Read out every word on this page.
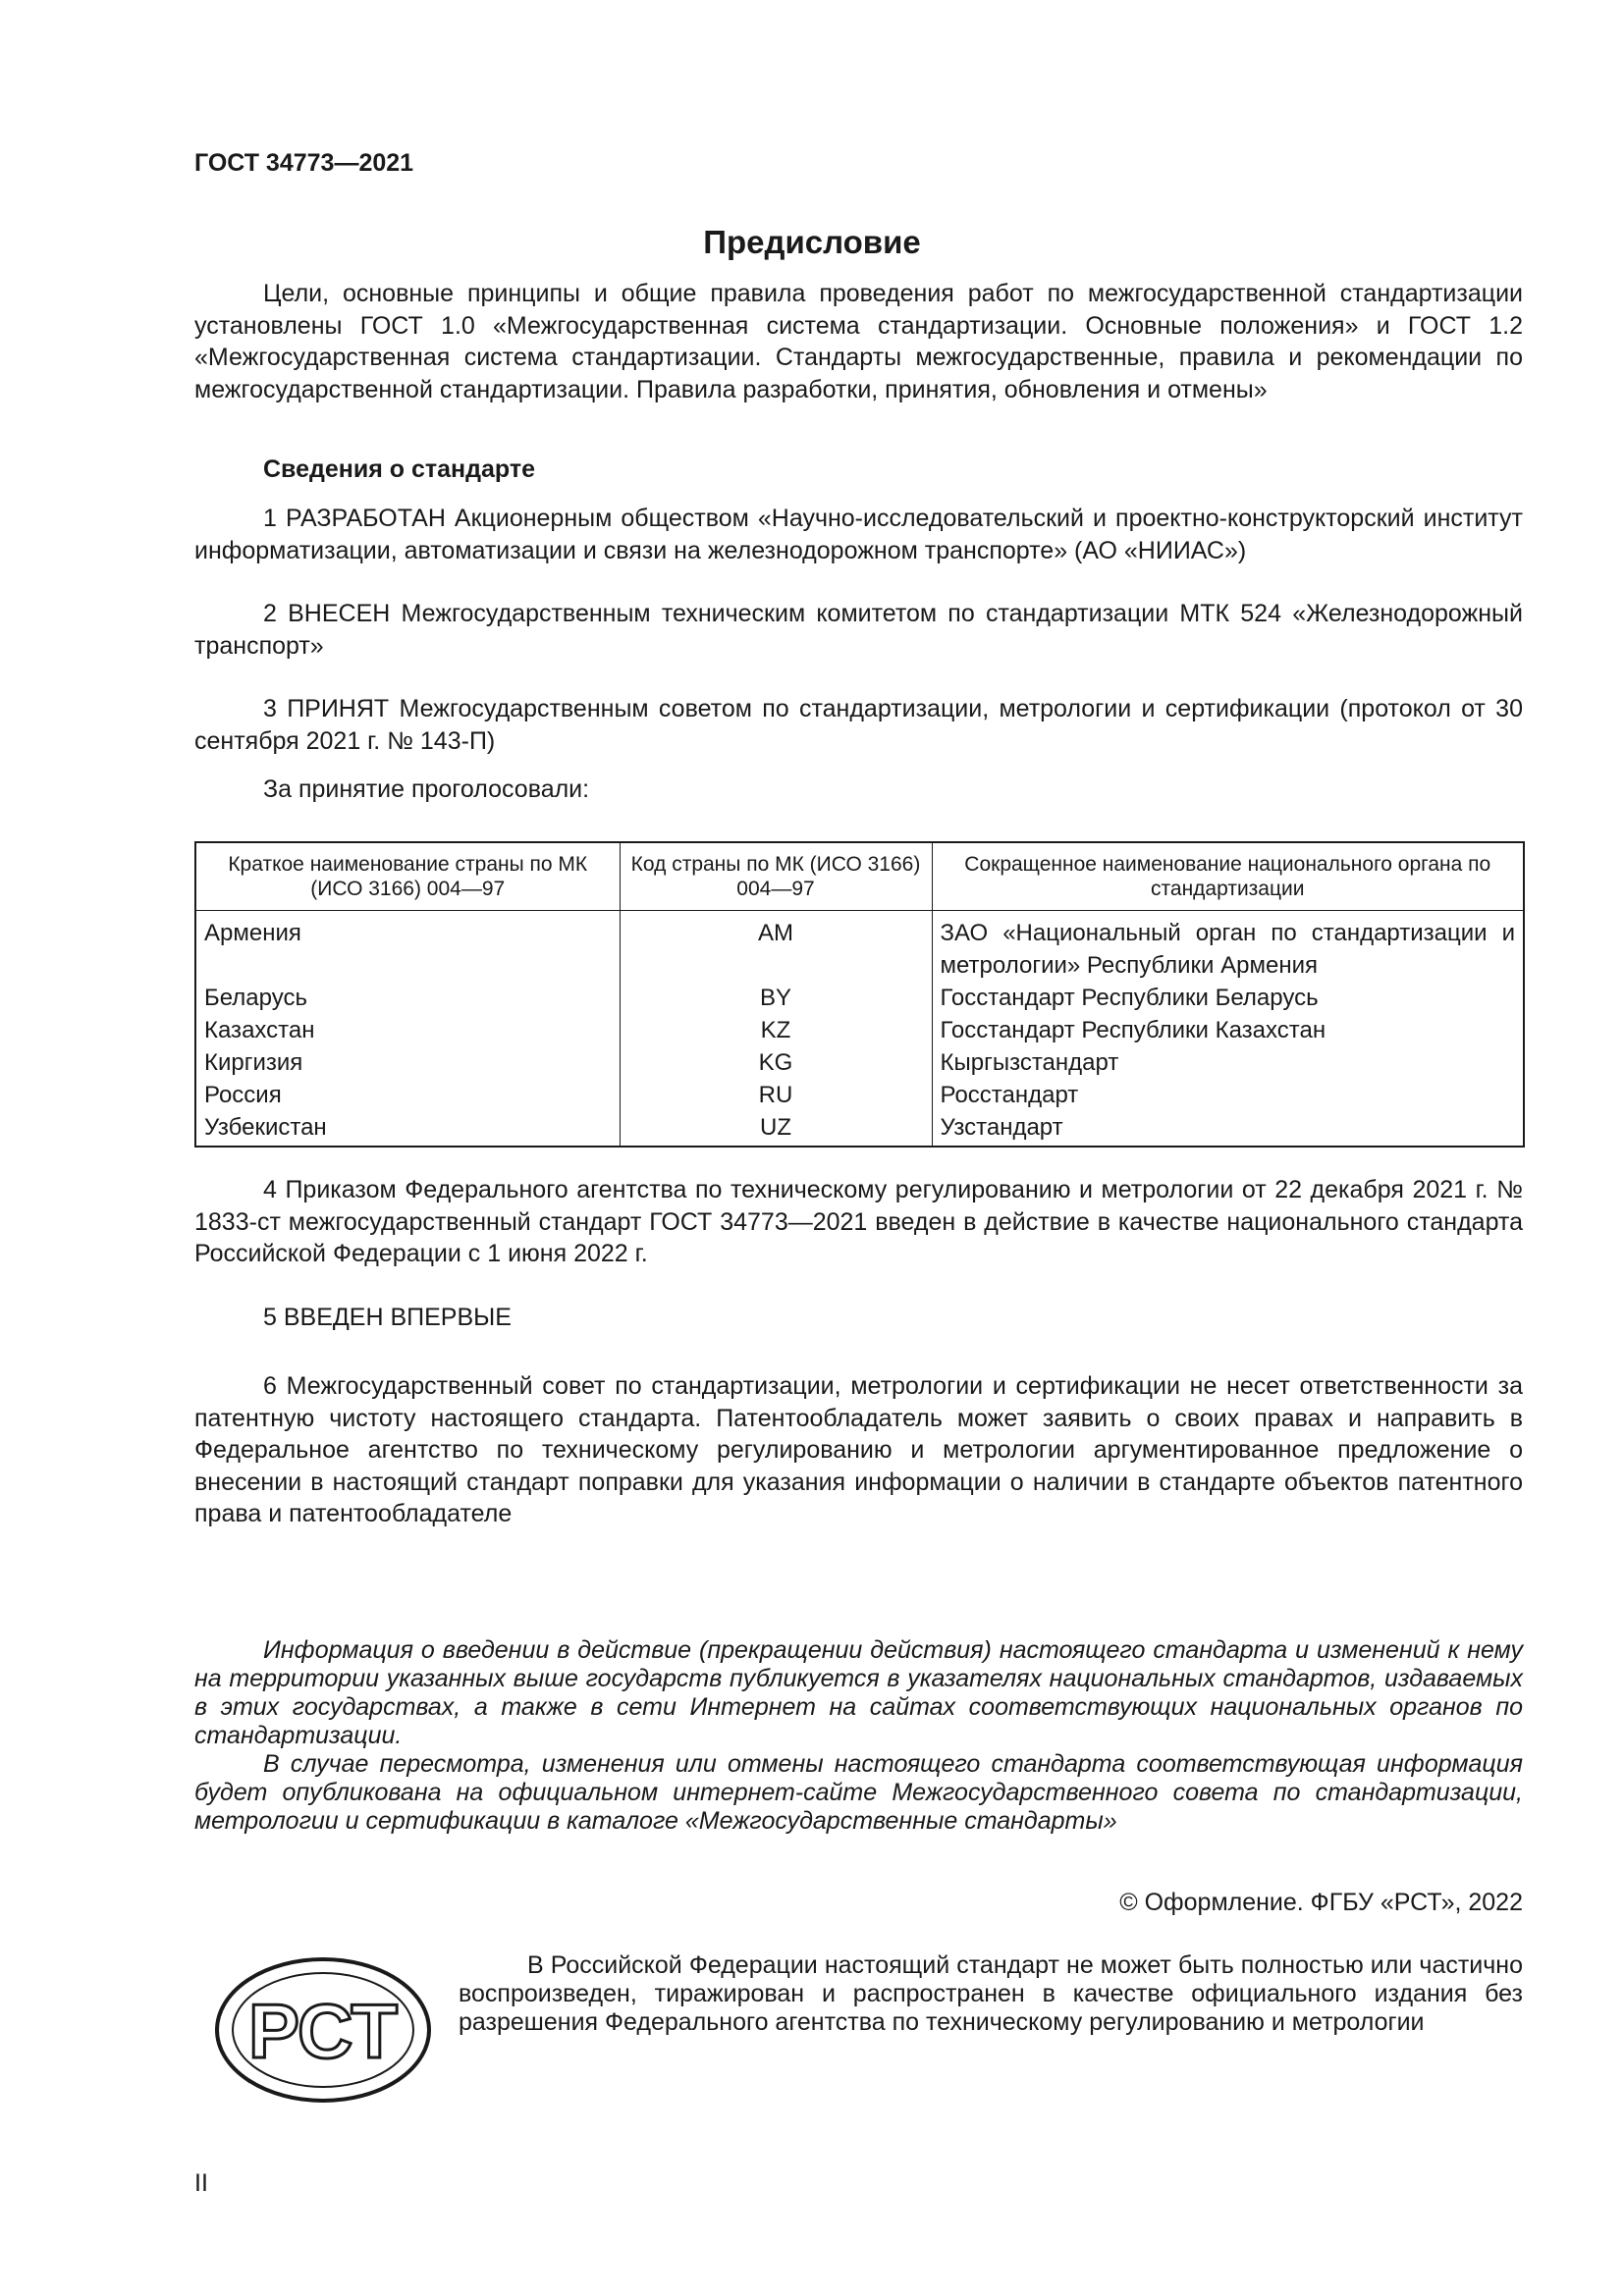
ГОСТ 34773—2021
Предисловие

Цели, основные принципы и общие правила проведения работ по межгосударственной стандартизации установлены ГОСТ 1.0 «Межгосударственная система стандартизации. Основные положения» и ГОСТ 1.2 «Межгосударственная система стандартизации. Стандарты межгосударственные, правила и рекомендации по межгосударственной стандартизации. Правила разработки, принятия, обновления и отмены»

Сведения о стандарте

1 РАЗРАБОТАН Акционерным обществом «Научно-исследовательский и проектно-конструкторский институт информатизации, автоматизации и связи на железнодорожном транспорте» (АО «НИИАС»)

2 ВНЕСЕН Межгосударственным техническим комитетом по стандартизации МТК 524 «Железнодорожный транспорт»

3 ПРИНЯТ Межгосударственным советом по стандартизации, метрологии и сертификации (протокол от 30 сентября 2021 г. № 143-П)

За принятие проголосовали:
Краткое наименование страны по МК (ИСО 3166) 004—97	Код страны по МК (ИСО 3166) 004—97	Сокращенное наименование национального органа по стандартизации
Армения	AM	ЗАО «Национальный орган по стандартизации и метрологии» Республики Армения
Беларусь	BY	Госстандарт Республики Беларусь
Казахстан	KZ	Госстандарт Республики Казахстан
Киргизия	KG	Кыргызстандарт
Россия	RU	Росстандарт
Узбекистан	UZ	Узстандарт

4 Приказом Федерального агентства по техническому регулированию и метрологии от 22 декабря 2021 г. № 1833-ст межгосударственный стандарт ГОСТ 34773—2021 введен в действие в качестве национального стандарта Российской Федерации с 1 июня 2022 г.

5 ВВЕДЕН ВПЕРВЫЕ

6 Межгосударственный совет по стандартизации, метрологии и сертификации не несет ответственности за патентную чистоту настоящего стандарта. Патентообладатель может заявить о своих правах и направить в Федеральное агентство по техническому регулированию и метрологии аргументированное предложение о внесении в настоящий стандарт поправки для указания информации о наличии в стандарте объектов патентного права и патентообладателе

Информация о введении в действие (прекращении действия) настоящего стандарта и изменений к нему на территории указанных выше государств публикуется в указателях национальных стандартов, издаваемых в этих государствах, а также в сети Интернет на сайтах соответствующих национальных органов по стандартизации.

В случае пересмотра, изменения или отмены настоящего стандарта соответствующая информация будет опубликована на официальном интернет-сайте Межгосударственного совета по стандартизации, метрологии и сертификации в каталоге «Межгосударственные стандарты»

© Оформление. ФГБУ «РСТ», 2022
РСТ

В Российской Федерации настоящий стандарт не может быть полностью или частично воспроизведен, тиражирован и распространен в качестве официального издания без разрешения Федерального агентства по техническому регулированию и метрологии

II
